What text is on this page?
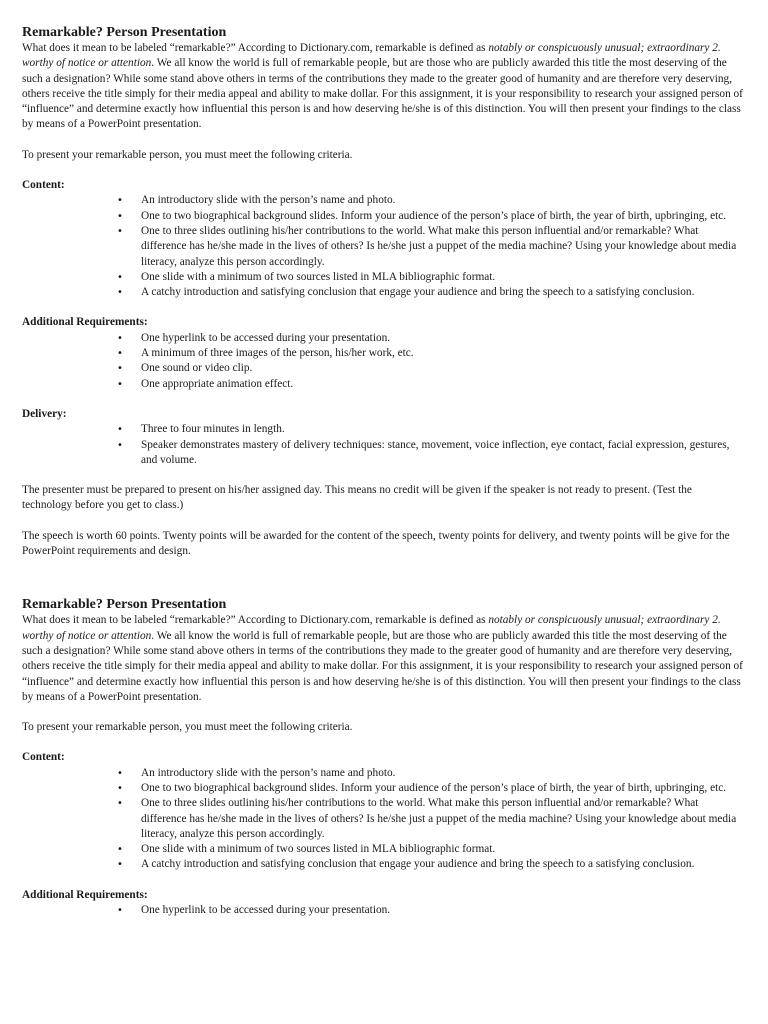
Remarkable? Person Presentation

What does it mean to be labeled “remarkable?” According to Dictionary.com, remarkable is defined as notably or conspicuously unusual; extraordinary 2. worthy of notice or attention. We all know the world is full of remarkable people, but are those who are publicly awarded this title the most deserving of the such a designation? While some stand above others in terms of the contributions they made to the greater good of humanity and are therefore very deserving, others receive the title simply for their media appeal and ability to make dollar. For this assignment, it is your responsibility to research your assigned person of “influence” and determine exactly how influential this person is and how deserving he/she is of this distinction. You will then present your findings to the class by means of a PowerPoint presentation.

To present your remarkable person, you must meet the following criteria.

Content:

• An introductory slide with the person’s name and photo.
• One to two biographical background slides. Inform your audience of the person’s place of birth, the year of birth, upbringing, etc.
• One to three slides outlining his/her contributions to the world. What make this person influential and/or remarkable? What difference has he/she made in the lives of others? Is he/she just a puppet of the media machine? Using your knowledge about media literacy, analyze this person accordingly.
• One slide with a minimum of two sources listed in MLA bibliographic format.
• A catchy introduction and satisfying conclusion that engage your audience and bring the speech to a satisfying conclusion.

Additional Requirements:

• One hyperlink to be accessed during your presentation.
• A minimum of three images of the person, his/her work, etc.
• One sound or video clip.
• One appropriate animation effect.

Delivery:

• Three to four minutes in length.
• Speaker demonstrates mastery of delivery techniques: stance, movement, voice inflection, eye contact, facial expression, gestures, and volume.

The presenter must be prepared to present on his/her assigned day. This means no credit will be given if the speaker is not ready to present. (Test the technology before you get to class.)

The speech is worth 60 points. Twenty points will be awarded for the content of the speech, twenty points for delivery, and twenty points will be give for the PowerPoint requirements and design.

Remarkable? Person Presentation

What does it mean to be labeled “remarkable?” According to Dictionary.com, remarkable is defined as notably or conspicuously unusual; extraordinary 2. worthy of notice or attention. We all know the world is full of remarkable people, but are those who are publicly awarded this title the most deserving of the such a designation? While some stand above others in terms of the contributions they made to the greater good of humanity and are therefore very deserving, others receive the title simply for their media appeal and ability to make dollar. For this assignment, it is your responsibility to research your assigned person of “influence” and determine exactly how influential this person is and how deserving he/she is of this distinction. You will then present your findings to the class by means of a PowerPoint presentation.

To present your remarkable person, you must meet the following criteria.

Content:

• An introductory slide with the person’s name and photo.
• One to two biographical background slides. Inform your audience of the person’s place of birth, the year of birth, upbringing, etc.
• One to three slides outlining his/her contributions to the world. What make this person influential and/or remarkable? What difference has he/she made in the lives of others? Is he/she just a puppet of the media machine? Using your knowledge about media literacy, analyze this person accordingly.
• One slide with a minimum of two sources listed in MLA bibliographic format.
• A catchy introduction and satisfying conclusion that engage your audience and bring the speech to a satisfying conclusion.

Additional Requirements:

• One hyperlink to be accessed during your presentation.
